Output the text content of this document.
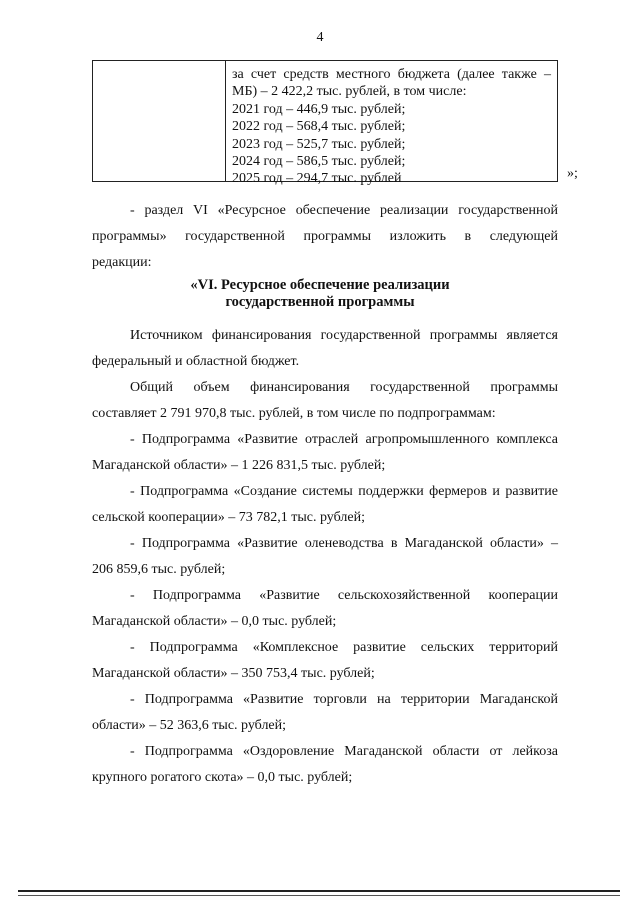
4
за счет средств местного бюджета (далее также –
МБ) – 2 422,2 тыс. рублей, в том числе:
2021 год – 446,9 тыс. рублей;
2022 год – 568,4 тыс. рублей;
2023 год – 525,7 тыс. рублей;
2024 год – 586,5 тыс. рублей;
2025 год – 294,7 тыс. рублей	»;
- раздел VI «Ресурсное обеспечение реализации государственной
программы» государственной программы изложить в следующей
редакции:
«VI. Ресурсное обеспечение реализации
государственной программы
Источником финансирования государственной программы является
федеральный и областной бюджет.
Общий объем финансирования государственной программы
составляет 2 791 970,8 тыс. рублей, в том числе по подпрограммам:
- Подпрограмма «Развитие отраслей агропромышленного комплекса
Магаданской области» – 1 226 831,5 тыс. рублей;
- Подпрограмма «Создание системы поддержки фермеров и развитие
сельской кооперации» – 73 782,1 тыс. рублей;
- Подпрограмма «Развитие оленеводства в Магаданской области» –
206 859,6 тыс. рублей;
- Подпрограмма «Развитие сельскохозяйственной кооперации
Магаданской области» – 0,0 тыс. рублей;
- Подпрограмма «Комплексное развитие сельских территорий
Магаданской области» – 350 753,4 тыс. рублей;
- Подпрограмма «Развитие торговли на территории Магаданской
области» – 52 363,6 тыс. рублей;
- Подпрограмма «Оздоровление Магаданской области от лейкоза
крупного рогатого скота» – 0,0 тыс. рублей;
